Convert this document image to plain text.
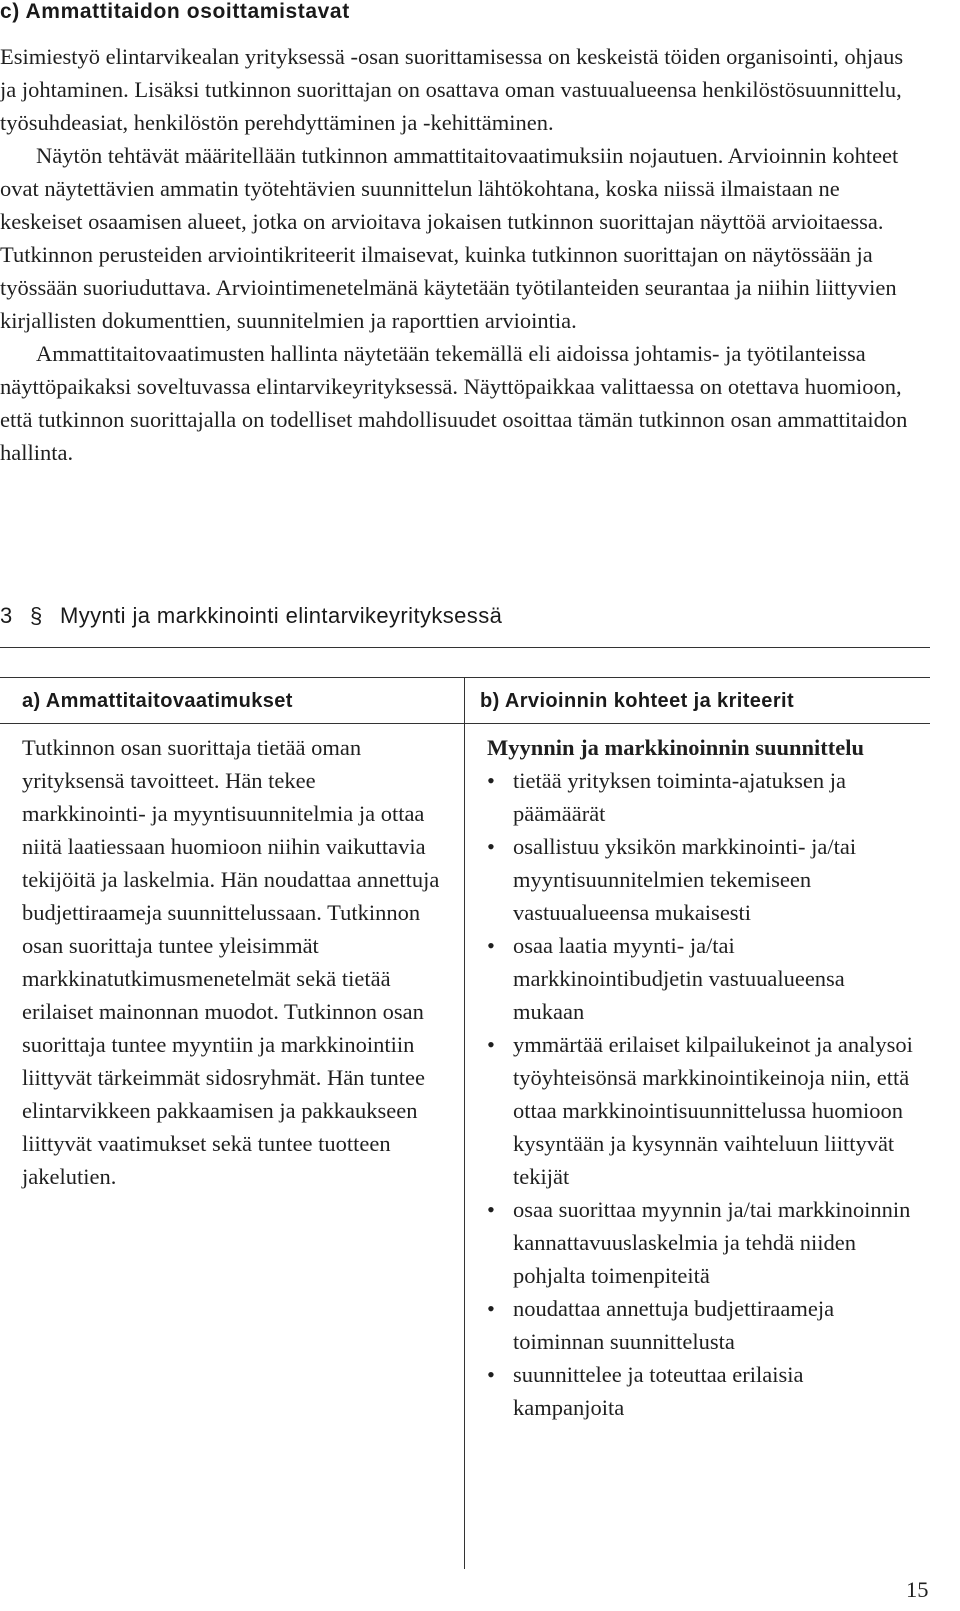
c) Ammattitaidon osoittamistavat

Esimiestyö elintarvikealan yrityksessä -osan suorittamisessa on keskeistä töiden organisointi, ohjaus ja johtaminen. Lisäksi tutkinnon suorittajan on osattava oman vastuualueensa henkilöstösuunnittelu, työsuhdeasiat, henkilöstön perehdyttäminen ja -kehittäminen.

Näytön tehtävät määritellään tutkinnon ammattitaitovaatimuksiin nojautuen. Arvioinnin kohteet ovat näytettävien ammatin työtehtävien suunnittelun lähtökohtana, koska niissä ilmaistaan ne keskeiset osaamisen alueet, jotka on arvioitava jokaisen tutkinnon suorittajan näyttöä arvioitaessa. Tutkinnon perusteiden arviointikriteerit ilmaisevat, kuinka tutkinnon suorittajan on näytössään ja työssään suoriuduttava. Arviointimenetelmänä käytetään työtilanteiden seurantaa ja niihin liittyvien kirjallisten dokumenttien, suunnitelmien ja raporttien arviointia.

Ammattitaitovaatimusten hallinta näytetään tekemällä eli aidoissa johtamis- ja työtilanteissa näyttöpaikaksi soveltuvassa elintarvikeyrityksessä. Näyttöpaikkaa valittaessa on otettava huomioon, että tutkinnon suorittajalla on todelliset mahdollisuudet osoittaa tämän tutkinnon osan ammattitaidon hallinta.

3 § Myynti ja markkinointi elintarvikeyrityksessä
a) Ammattitaitovaatimukset

Tutkinnon osan suorittaja tietää oman yrityksensä tavoitteet. Hän tekee markkinointi- ja myyntisuunnitelmia ja ottaa niitä laatiessaan huomioon niihin vaikuttavia tekijöitä ja laskelmia. Hän noudattaa annettuja budjettiraameja suunnittelussaan. Tutkinnon osan suorittaja tuntee yleisimmät markkinatutkimusmenetelmät sekä tietää erilaiset mainonnan muodot. Tutkinnon osan suorittaja tuntee myyntiin ja markkinointiin liittyvät tärkeimmät sidosryhmät. Hän tuntee elintarvikkeen pakkaamisen ja pakkaukseen liittyvät vaatimukset sekä tuntee tuotteen jakelutien.

b) Arvioinnin kohteet ja kriteerit

Myynnin ja markkinoinnin suunnittelu

• tietää yrityksen toiminta-ajatuksen ja päämäärät
• osallistuu yksikön markkinointi- ja/tai myyntisuunnitelmien tekemiseen vastuualueensa mukaisesti
• osaa laatia myynti- ja/tai markkinointibudjetin vastuualueensa mukaan
• ymmärtää erilaiset kilpailukeinot ja analysoi työyhteisönsä markkinointikeinoja niin, että ottaa markkinointisuunnittelussa huomioon kysyntään ja kysynnän vaihteluun liittyvät tekijät
• osaa suorittaa myynnin ja/tai markkinoinnin kannattavuuslaskelmia ja tehdä niiden pohjalta toimenpiteitä
• noudattaa annettuja budjettiraameja toiminnan suunnittelusta
• suunnittelee ja toteuttaa erilaisia kampanjoita
15
